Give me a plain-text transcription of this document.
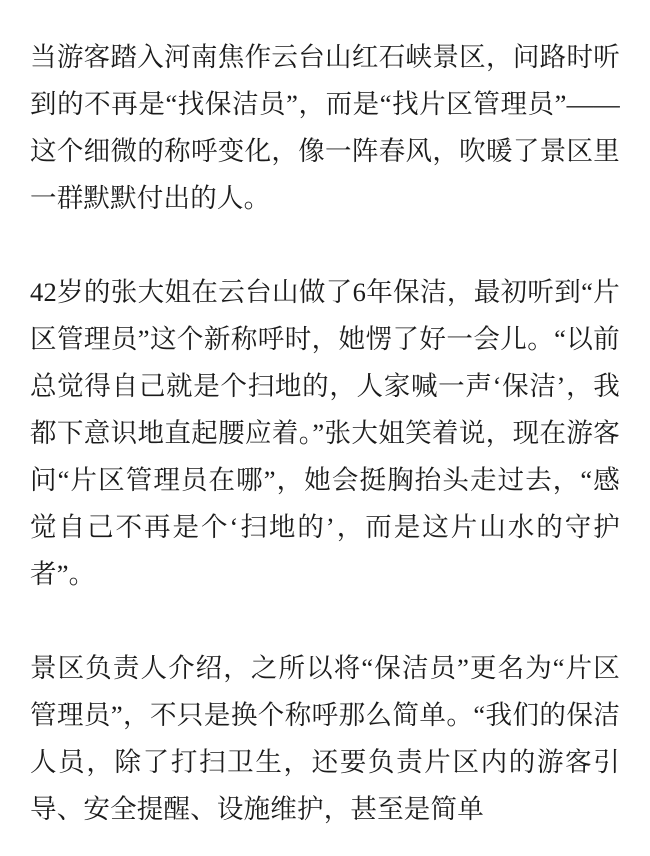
当游客踏入河南焦作云台山红石峡景区，问路时听到的不再是“找保洁员”，而是“找片区管理员”——这个细微的称呼变化，像一阵春风，吹暖了景区里一群默默付出的人。

42岁的张大姐在云台山做了6年保洁，最初听到“片区管理员”这个新称呼时，她愣了好一会儿。“以前总觉得自己就是个扫地的，人家喊一声‘保洁’，我都下意识地直起腰应着。”张大姐笑着说，现在游客问“片区管理员在哪”，她会挺胸抬头走过去，“感觉自己不再是个‘扫地的’，而是这片山水的守护者”。

景区负责人介绍，之所以将“保洁员”更名为“片区管理员”，不只是换个称呼那么简单。“我们的保洁人员，除了打扫卫生，还要负责片区内的游客引导、安全提醒、设施维护，甚至是简单
